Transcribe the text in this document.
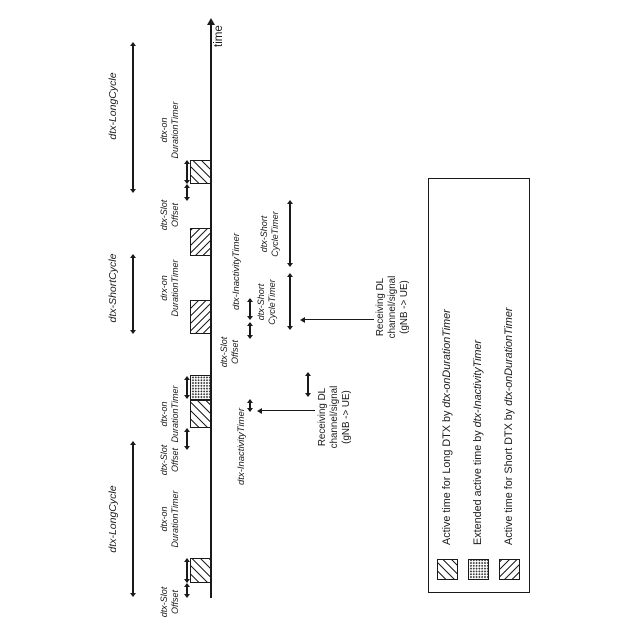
time
dtx-LongCycle
dtx-ShortCycle
dtx-LongCycle
dtx-Slot Offset
dtx-on DurationTimer
dtx-Slot Offset
dtx-on DurationTimer
drx-on DurationTimer
dtx-Slot Offset
dtx-on DurationTimer
dtx-Slot Offset
dtx-InactivityTimer
dtx-InactivityTimer dtx-Short CycleTimer
dtx-Short CycleTimer
Receiving DL channel/signal (gNB -> UE)
Receiving DL channel/signal (gNB -> UE)
Active time for Long DTX by dtx-onDurationTimer
Extended active time by dtx-InactivityTimer
Active time for Short DTX by dtx-onDurationTimer
